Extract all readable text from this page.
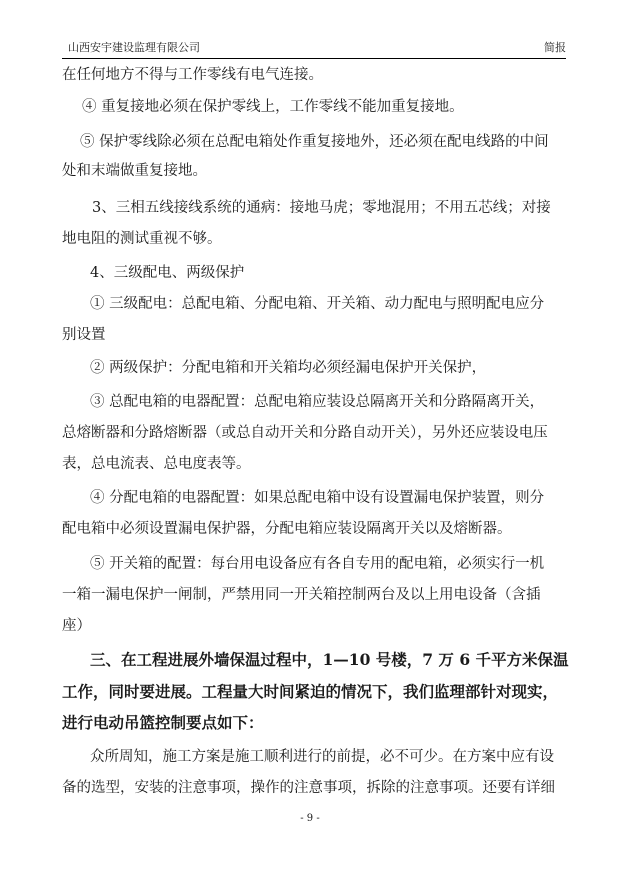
山西安宇建设监理有限公司	简报
在任何地方不得与工作零线有电气连接。
④ 重复接地必须在保护零线上，工作零线不能加重复接地。
⑤ 保护零线除必须在总配电箱处作重复接地外，还必须在配电线路的中间
处和末端做重复接地。
3、三相五线接线系统的通病：接地马虎；零地混用；不用五芯线；对接
地电阻的测试重视不够。
4、三级配电、两级保护
① 三级配电：总配电箱、分配电箱、开关箱、动力配电与照明配电应分
别设置
② 两级保护：分配电箱和开关箱均必须经漏电保护开关保护，
③ 总配电箱的电器配置：总配电箱应装设总隔离开关和分路隔离开关，
总熔断器和分路熔断器（或总自动开关和分路自动开关），另外还应装设电压
表，总电流表、总电度表等。
④ 分配电箱的电器配置：如果总配电箱中设有设置漏电保护装置，则分
配电箱中必须设置漏电保护器，分配电箱应装设隔离开关以及熔断器。
⑤ 开关箱的配置：每台用电设备应有各自专用的配电箱，必须实行一机
一箱一漏电保护一闸制，严禁用同一开关箱控制两台及以上用电设备（含插
座）
三、在工程进展外墙保温过程中，1—10 号楼，7 万 6 千平方米保温
工作，同时要进展。工程量大时间紧迫的情况下，我们监理部针对现实，
进行电动吊篮控制要点如下：
众所周知，施工方案是施工顺利进行的前提，必不可少。在方案中应有设
备的选型，安装的注意事项，操作的注意事项，拆除的注意事项。还要有详细
- 9 -
